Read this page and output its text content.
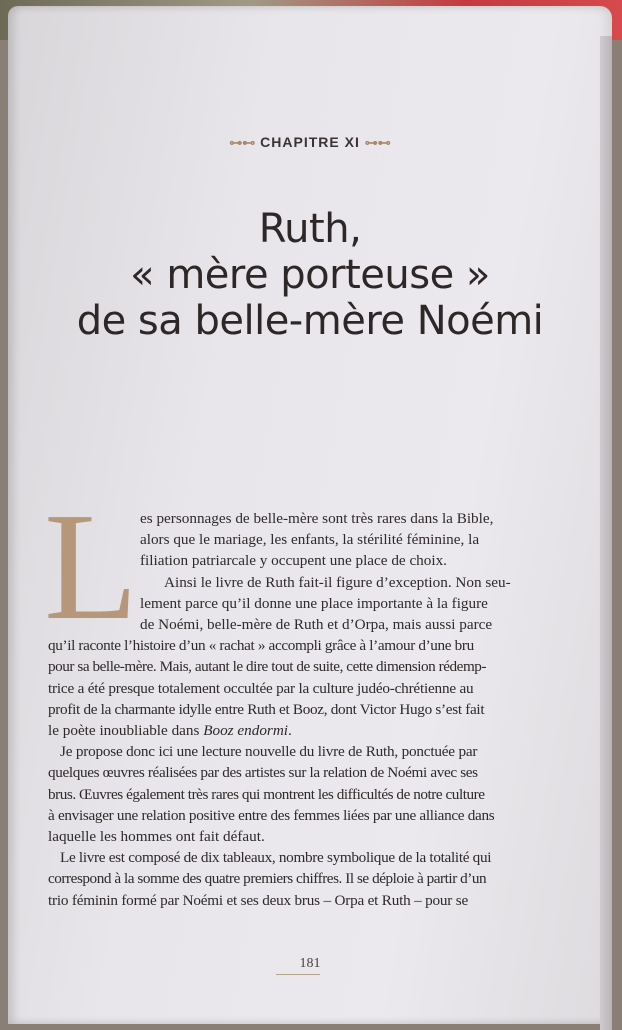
⊶⊷ CHAPITRE XI ⊶⊷
Ruth,
« mère porteuse »
de sa belle-mère Noémi
L es personnages de belle-mère sont très rares dans la Bible,
alors que le mariage, les enfants, la stérilité féminine, la
filiation patriarcale y occupent une place de choix.
Ainsi le livre de Ruth fait-il figure d’exception. Non seu-
lement parce qu’il donne une place importante à la figure
de Noémi, belle-mère de Ruth et d’Orpa, mais aussi parce
qu’il raconte l’histoire d’un « rachat » accompli grâce à l’amour d’une bru
pour sa belle-mère. Mais, autant le dire tout de suite, cette dimension rédemp-
trice a été presque totalement occultée par la culture judéo-chrétienne au
profit de la charmante idylle entre Ruth et Booz, dont Victor Hugo s’est fait
le poète inoubliable dans Booz endormi.
Je propose donc ici une lecture nouvelle du livre de Ruth, ponctuée par
quelques œuvres réalisées par des artistes sur la relation de Noémi avec ses
brus. Œuvres également très rares qui montrent les difficultés de notre culture
à envisager une relation positive entre des femmes liées par une alliance dans
laquelle les hommes ont fait défaut.
Le livre est composé de dix tableaux, nombre symbolique de la totalité qui
correspond à la somme des quatre premiers chiffres. Il se déploie à partir d’un
trio féminin formé par Noémi et ses deux brus – Orpa et Ruth – pour se
181
